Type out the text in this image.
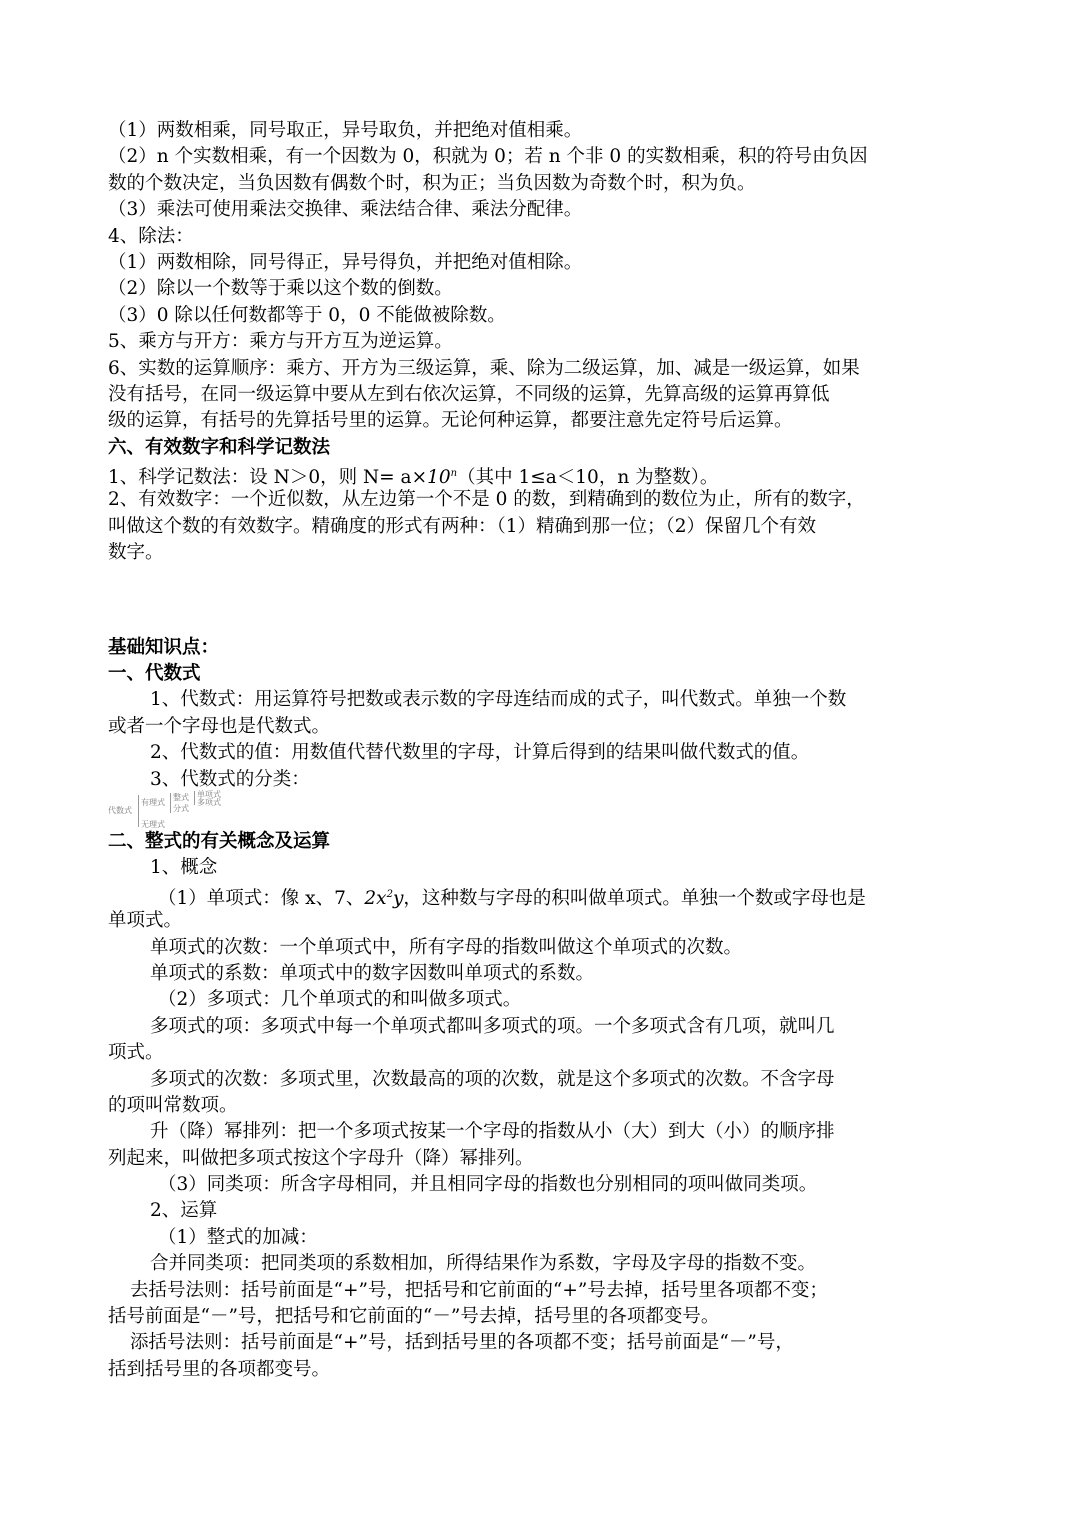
（1）两数相乘，同号取正，异号取负，并把绝对值相乘。

（2）n 个实数相乘，有一个因数为 0，积就为 0；若 n 个非 0 的实数相乘，积的符号由负因

数的个数决定，当负因数有偶数个时，积为正；当负因数为奇数个时，积为负。

（3）乘法可使用乘法交换律、乘法结合律、乘法分配律。

4、除法：

（1）两数相除，同号得正，异号得负，并把绝对值相除。

（2）除以一个数等于乘以这个数的倒数。

（3）0 除以任何数都等于 0，0 不能做被除数。

5、乘方与开方：乘方与开方互为逆运算。

6、实数的运算顺序：乘方、开方为三级运算，乘、除为二级运算，加、减是一级运算，如果

没有括号，在同一级运算中要从左到右依次运算，不同级的运算，先算高级的运算再算低

级的运算，有括号的先算括号里的运算。无论何种运算，都要注意先定符号后运算。

六、有效数字和科学记数法

1、科学记数法：设 N＞0，则 $N= a\times 10^n$（其中 1≤a＜10，n 为整数）。

2、有效数字：一个近似数，从左边第一个不是 0 的数，到精确到的数位为止，所有的数字，

叫做这个数的有效数字。精确度的形式有两种：（1）精确到那一位；（2）保留几个有效

数字。

基础知识点：

一、代数式

1、代数式：用运算符号把数或表示数的字母连结而成的式子，叫代数式。单独一个数

或者一个字母也是代数式。

2、代数式的值：用数值代替代数里的字母，计算后得到的结果叫做代数式的值。

3、代数式的分类：

代数式
有理式
无理式
整式
分式
单项式
多项式

二、整式的有关概念及运算

1、概念

（1）单项式：像 x、7、$2x^2y$，这种数与字母的积叫做单项式。单独一个数或字母也是

单项式。

单项式的次数：一个单项式中，所有字母的指数叫做这个单项式的次数。

单项式的系数：单项式中的数字因数叫单项式的系数。

（2）多项式：几个单项式的和叫做多项式。

多项式的项：多项式中每一个单项式都叫多项式的项。一个多项式含有几项，就叫几

项式。

多项式的次数：多项式里，次数最高的项的次数，就是这个多项式的次数。不含字母

的项叫常数项。

升（降）幂排列：把一个多项式按某一个字母的指数从小（大）到大（小）的顺序排

列起来，叫做把多项式按这个字母升（降）幂排列。

（3）同类项：所含字母相同，并且相同字母的指数也分别相同的项叫做同类项。

2、运算

（1）整式的加减：

合并同类项：把同类项的系数相加，所得结果作为系数，字母及字母的指数不变。

去括号法则：括号前面是“+”号，把括号和它前面的“+”号去掉，括号里各项都不变；

括号前面是“－”号，把括号和它前面的“－”号去掉，括号里的各项都变号。

添括号法则：括号前面是“+”号，括到括号里的各项都不变；括号前面是“－”号，

括到括号里的各项都变号。
